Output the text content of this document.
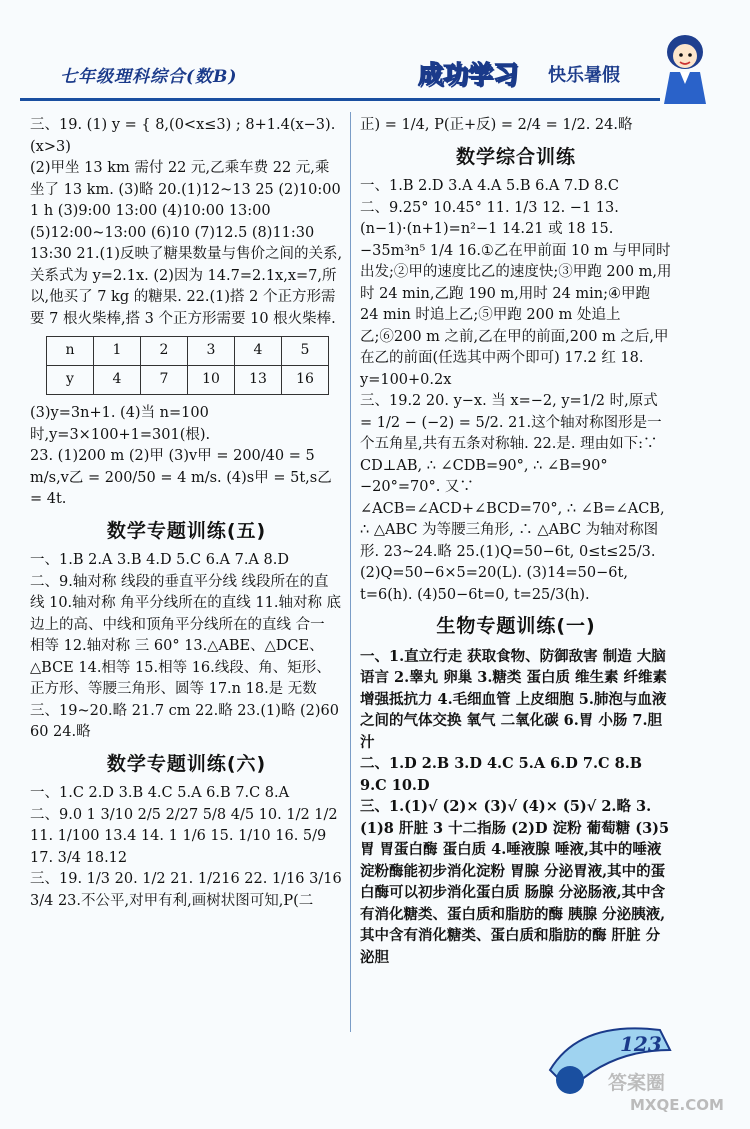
七年级理科综合(数B)	成功学习 快乐暑假

三、19. (1) y = { 8,(0<x≤3) ; 8+1.4(x−3).(x>3)

(2)甲坐 13 km 需付 22 元,乙乘车费 22 元,乘坐了 13 km. (3)略 20.(1)12~13 25 (2)10:00 1 h (3)9:00 13:00 (4)10:00 13:00 (5)12:00~13:00 (6)10 (7)12.5 (8)11:30 13:30 21.(1)反映了糖果数量与售价之间的关系,关系式为 y=2.1x. (2)因为 14.7=2.1x,x=7,所以,他买了 7 kg 的糖果. 22.(1)搭 2 个正方形需要 7 根火柴棒,搭 3 个正方形需要 10 根火柴棒.

n	1	2	3	4	5
y	4	7	10	13	16

(3)y=3n+1. (4)当 n=100 时,y=3×100+1=301(根).

23. (1)200 m (2)甲 (3)v甲 = 200/40 = 5 m/s,v乙 = 200/50 = 4 m/s. (4)s甲 = 5t,s乙 = 4t.

数学专题训练(五)

一、1.B 2.A 3.B 4.D 5.C 6.A 7.A 8.D

二、9.轴对称 线段的垂直平分线 线段所在的直线 10.轴对称 角平分线所在的直线 11.轴对称 底边上的高、中线和顶角平分线所在的直线 合一 相等 12.轴对称 三 60° 13.△ABE、△DCE、△BCE 14.相等 15.相等 16.线段、角、矩形、正方形、等腰三角形、圆等 17.n 18.是 无数

三、19~20.略 21.7 cm 22.略 23.(1)略 (2)60 60 24.略

数学专题训练(六)

一、1.C 2.D 3.B 4.C 5.A 6.B 7.C 8.A

二、9.0 1 3/10 2/5 2/27 5/8 4/5 10. 1/2 1/2 11. 1/100 13.4 14. 1 1/6 15. 1/10 16. 5/9 17. 3/4 18.12

三、19. 1/3 20. 1/2 21. 1/216 22. 1/16 3/16 3/4 23.不公平,对甲有利,画树状图可知,P(二

正) = 1/4, P(正+反) = 2/4 = 1/2. 24.略

数学综合训练

一、1.B 2.D 3.A 4.A 5.B 6.A 7.D 8.C

二、9.25° 10.45° 11. 1/3 12. −1 13.(n−1)·(n+1)=n²−1 14.21 或 18 15. −35m³n⁵ 1/4 16.①乙在甲前面 10 m 与甲同时出发;②甲的速度比乙的速度快;③甲跑 200 m,用时 24 min,乙跑 190 m,用时 24 min;④甲跑 24 min 时追上乙;⑤甲跑 200 m 处追上乙;⑥200 m 之前,乙在甲的前面,200 m 之后,甲在乙的前面(任选其中两个即可) 17.2 红 18. y=100+0.2x

三、19.2 20. y−x. 当 x=−2, y=1/2 时,原式 = 1/2 − (−2) = 5/2. 21.这个轴对称图形是一个五角星,共有五条对称轴. 22.是. 理由如下:∵ CD⊥AB, ∴ ∠CDB=90°, ∴ ∠B=90°−20°=70°. 又∵ ∠ACB=∠ACD+∠BCD=70°, ∴ ∠B=∠ACB, ∴ △ABC 为等腰三角形, ∴ △ABC 为轴对称图形. 23~24.略 25.(1)Q=50−6t, 0≤t≤25/3. (2)Q=50−6×5=20(L). (3)14=50−6t, t=6(h). (4)50−6t=0, t=25/3(h).

生物专题训练(一)

一、1.直立行走 获取食物、防御敌害 制造 大脑 语言 2.睾丸 卵巢 3.糖类 蛋白质 维生素 纤维素 增强抵抗力 4.毛细血管 上皮细胞 5.肺泡与血液之间的气体交换 氧气 二氧化碳 6.胃 小肠 7.胆汁

二、1.D 2.B 3.D 4.C 5.A 6.D 7.C 8.B 9.C 10.D

三、1.(1)√ (2)× (3)√ (4)× (5)√ 2.略 3.(1)8 肝脏 3 十二指肠 (2)D 淀粉 葡萄糖 (3)5 胃 胃蛋白酶 蛋白质 4.唾液腺 唾液,其中的唾液淀粉酶能初步消化淀粉 胃腺 分泌胃液,其中的蛋白酶可以初步消化蛋白质 肠腺 分泌肠液,其中含有消化糖类、蛋白质和脂肪的酶 胰腺 分泌胰液,其中含有消化糖类、蛋白质和脂肪的酶 肝脏 分泌胆

123
答案圈
MXQE.COM
